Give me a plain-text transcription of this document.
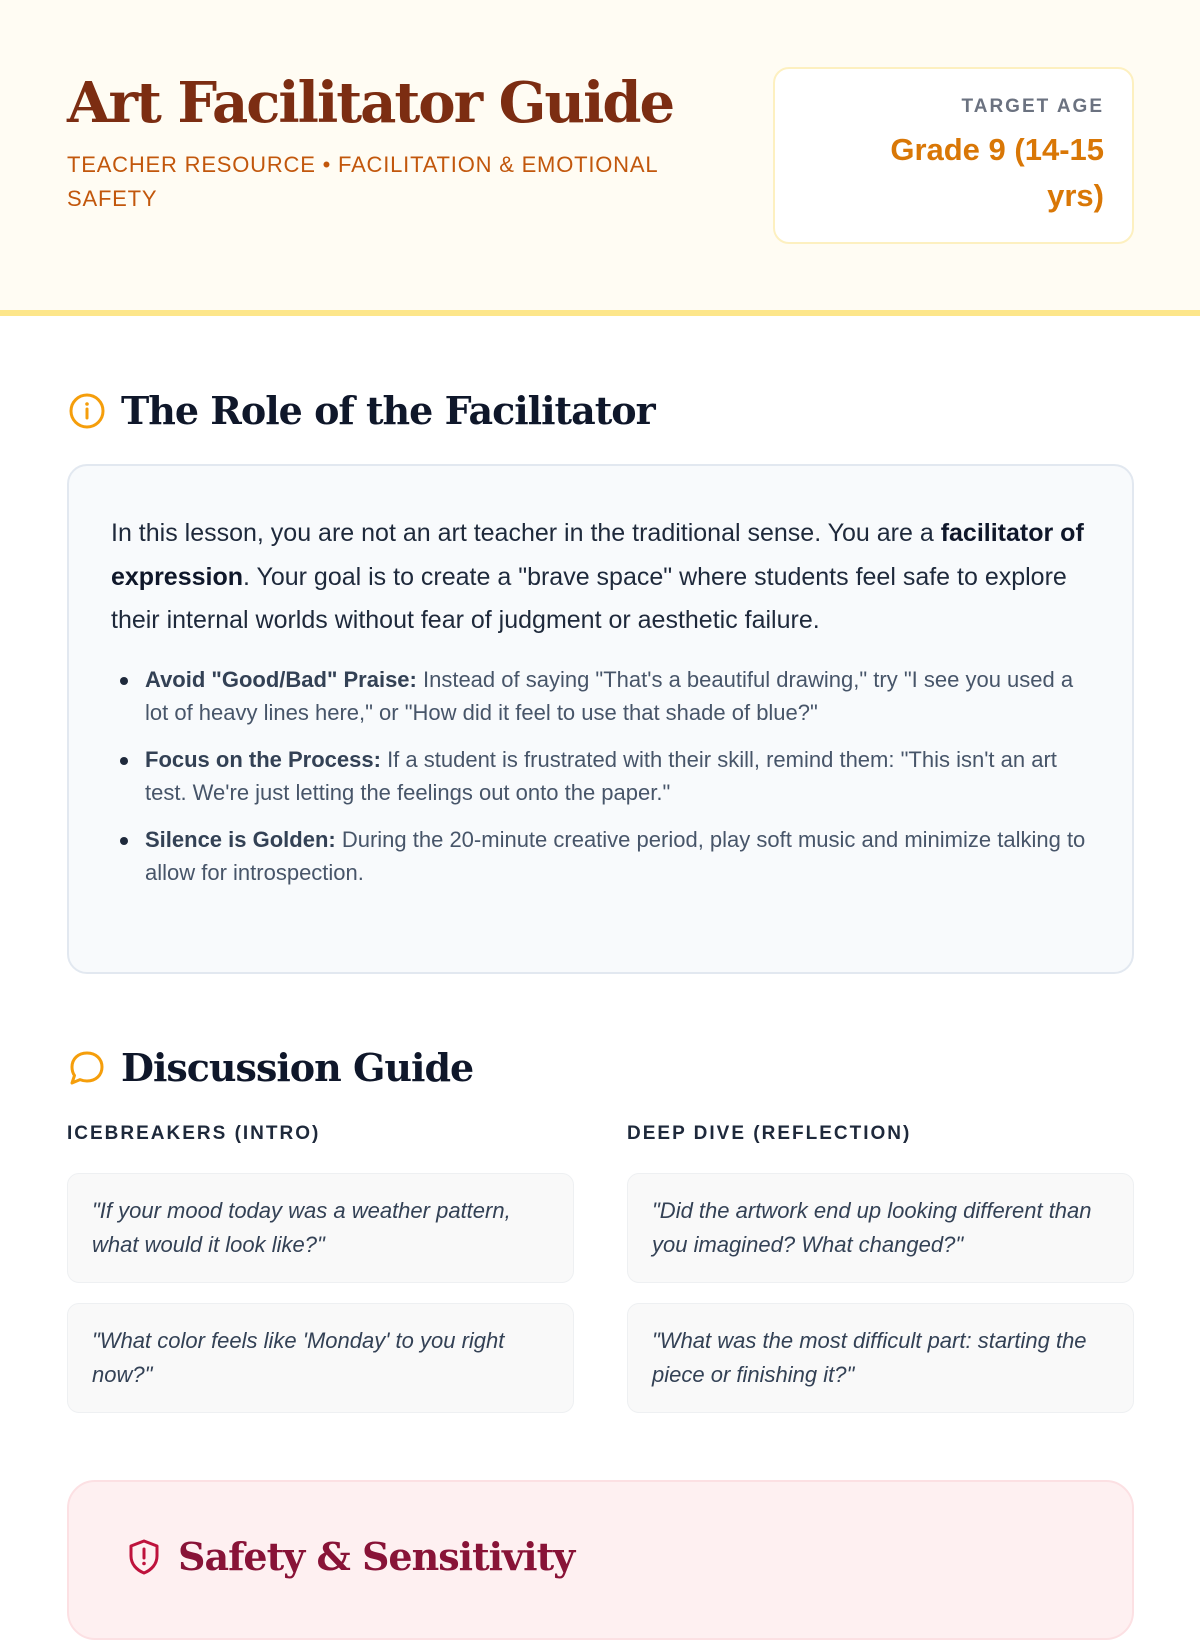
Art Facilitator Guide
TEACHER RESOURCE • FACILITATION & EMOTIONAL SAFETY
TARGET AGE
Grade 9 (14-15 yrs)
The Role of the Facilitator

In this lesson, you are not an art teacher in the traditional sense. You are a facilitator of expression. Your goal is to create a "brave space" where students feel safe to explore their internal worlds without fear of judgment or aesthetic failure.

Avoid "Good/Bad" Praise: Instead of saying "That's a beautiful drawing," try "I see you used a lot of heavy lines here," or "How did it feel to use that shade of blue?"
Focus on the Process: If a student is frustrated with their skill, remind them: "This isn't an art test. We're just letting the feelings out onto the paper."
Silence is Golden: During the 20-minute creative period, play soft music and minimize talking to allow for introspection.
Discussion Guide
ICEBREAKERS (INTRO)	DEEP DIVE (REFLECTION)
"If your mood today was a weather pattern, what would it look like?"
"What color feels like 'Monday' to you right now?"
"Did the artwork end up looking different than you imagined? What changed?"
"What was the most difficult part: starting the piece or finishing it?"
Safety & Sensitivity
